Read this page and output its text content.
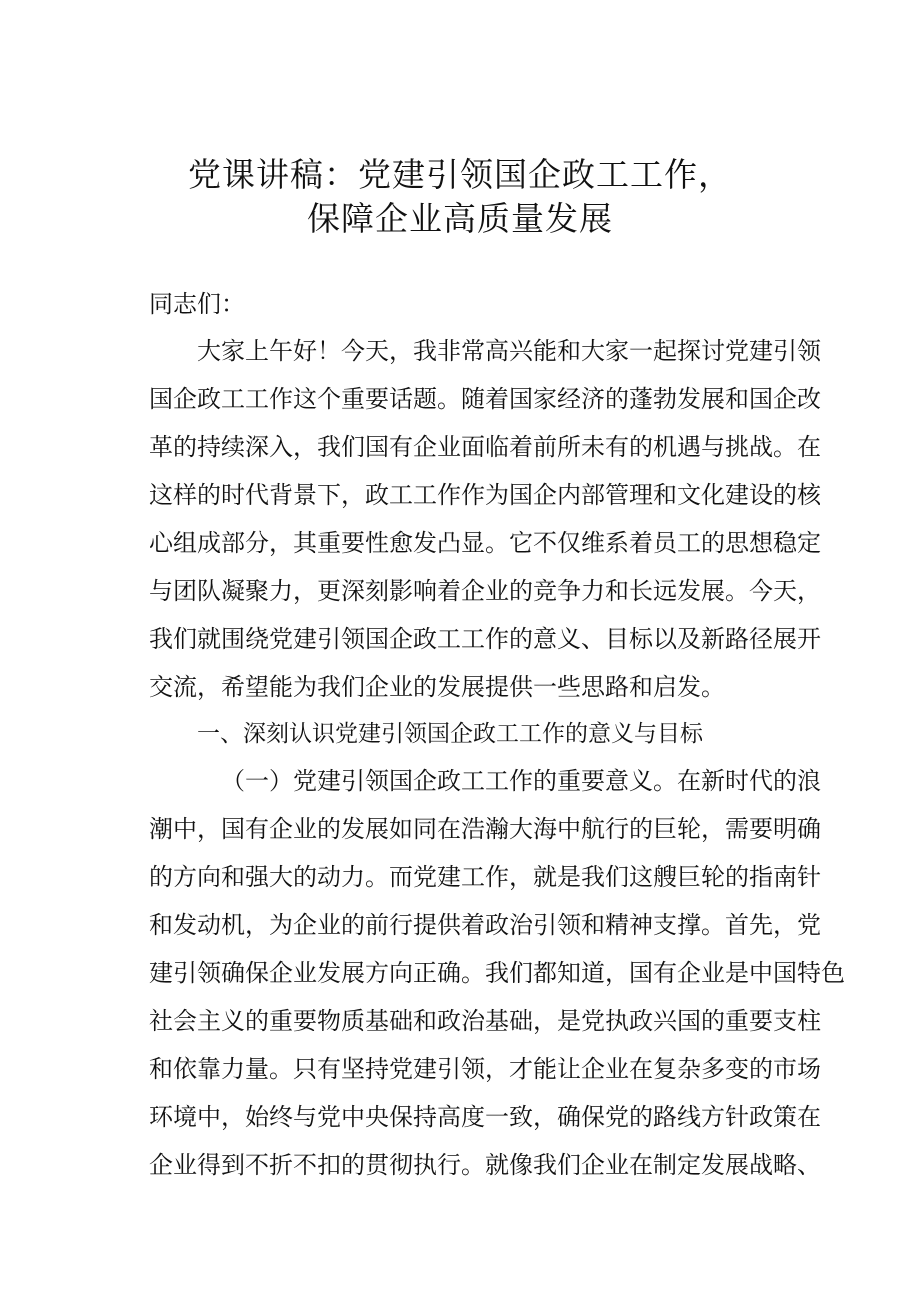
党课讲稿：党建引领国企政工工作，
保障企业高质量发展
同志们：
大家上午好！今天，我非常高兴能和大家一起探讨党建引领
国企政工工作这个重要话题。随着国家经济的蓬勃发展和国企改
革的持续深入，我们国有企业面临着前所未有的机遇与挑战。在
这样的时代背景下，政工工作作为国企内部管理和文化建设的核
心组成部分，其重要性愈发凸显。它不仅维系着员工的思想稳定
与团队凝聚力，更深刻影响着企业的竞争力和长远发展。今天，
我们就围绕党建引领国企政工工作的意义、目标以及新路径展开
交流，希望能为我们企业的发展提供一些思路和启发。
一、深刻认识党建引领国企政工工作的意义与目标
（一）党建引领国企政工工作的重要意义。在新时代的浪
潮中，国有企业的发展如同在浩瀚大海中航行的巨轮，需要明确
的方向和强大的动力。而党建工作，就是我们这艘巨轮的指南针
和发动机，为企业的前行提供着政治引领和精神支撑。首先，党
建引领确保企业发展方向正确。我们都知道，国有企业是中国特色
社会主义的重要物质基础和政治基础，是党执政兴国的重要支柱
和依靠力量。只有坚持党建引领，才能让企业在复杂多变的市场
环境中，始终与党中央保持高度一致，确保党的路线方针政策在
企业得到不折不扣的贯彻执行。就像我们企业在制定发展战略、
